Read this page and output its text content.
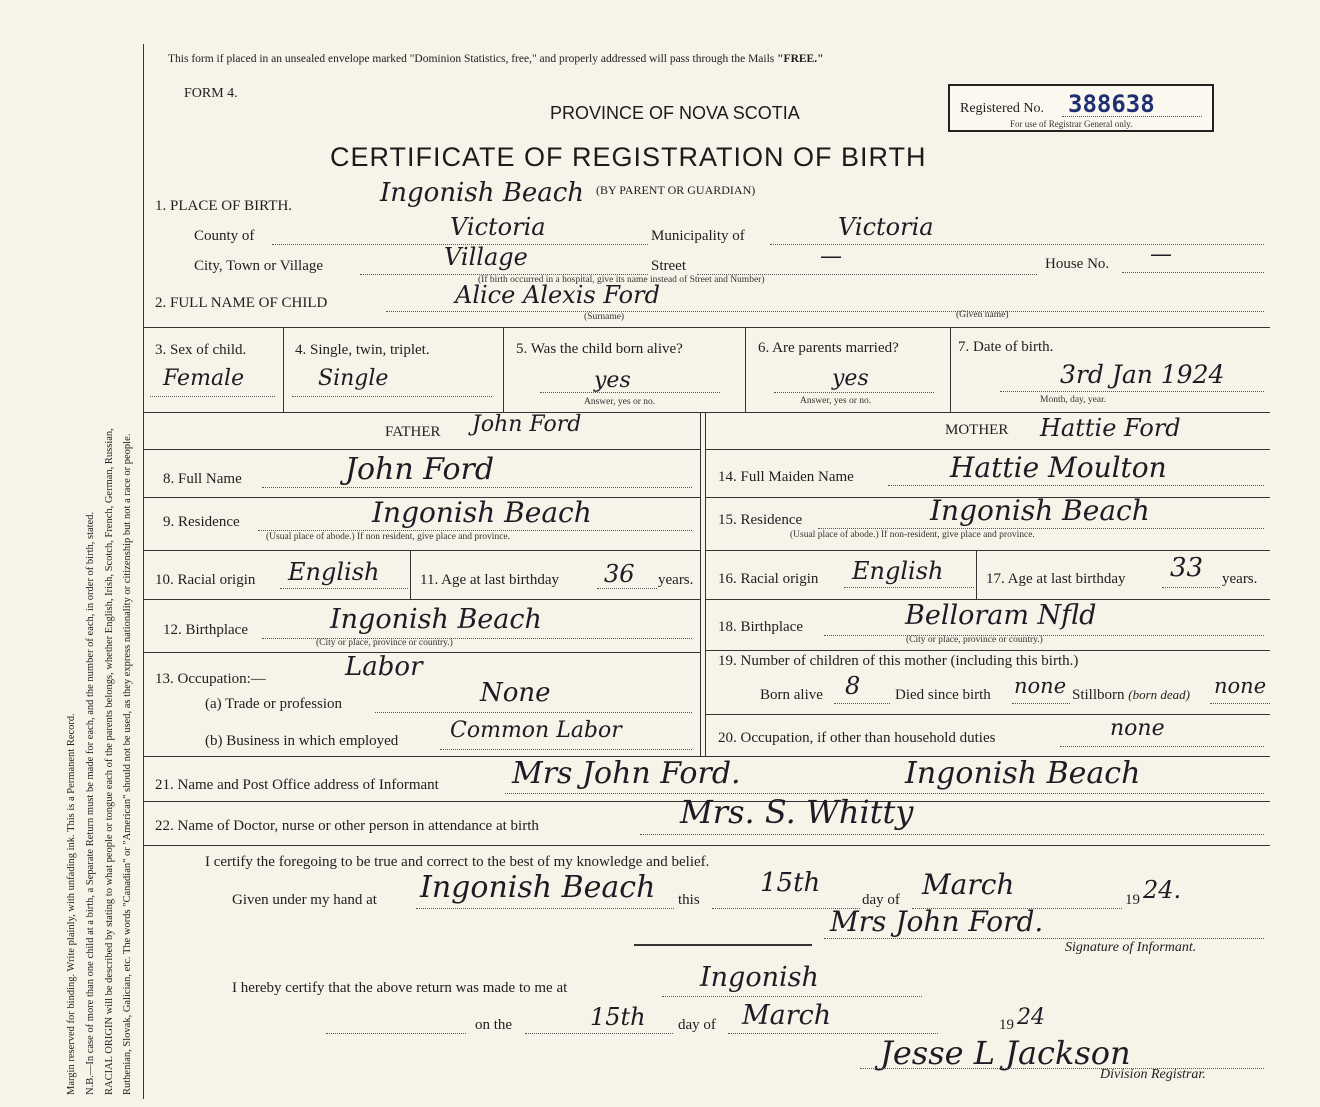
Margin reserved for binding. Write plainly, with unfading ink. This is a Permanent Record. N.B.—In case of more than one child at a birth, a Separate Return must be made for each, and the number of each, in order of birth, stated. RACIAL ORIGIN will be described by stating to what people or tongue each of the parents belongs, whether English, Irish, Scotch, French, German, Russian, Ruthenian, Slovak, Galician, etc. The words "Canadian" or "American" should not be used, as they express nationality or citizenship but not a race or people.
This form if placed in an unsealed envelope marked "Dominion Statistics, free," and properly addressed will pass through the Mails "FREE."
FORM 4.
PROVINCE OF NOVA SCOTIA	Registered No. 388638
For use of Registrar General only.
CERTIFICATE OF REGISTRATION OF BIRTH
(BY PARENT OR GUARDIAN)
1. PLACE OF BIRTH.	Ingonish Beach
County of	Victoria	Municipality of	Victoria
City, Town or Village	Village	Street	—	House No. —
(If birth occurred in a hospital, give its name instead of Street and Number)
2. FULL NAME OF CHILD	Alice Alexis Ford
(Surname)	(Given name)
3. Sex of child.
Female
4. Single, twin, triplet.
Single
5. Was the child born alive?
yes
Answer, yes or no.
6. Are parents married?
yes
Answer, yes or no.
7. Date of birth.
3rd Jan 1924
Month, day, year.
FATHER John Ford
8. Full Name	John Ford
9. Residence	Ingonish Beach
(Usual place of abode.) If non resident, give place and province.
10. Racial origin English	11. Age at last birthday 36 years.
12. Birthplace	Ingonish Beach
(City or place, province or country.)
13. Occupation:—	Labor
(a) Trade or profession	None
(b) Business in which employed Common Labor
MOTHER Hattie Ford
14. Full Maiden Name	Hattie Moulton
15. Residence	Ingonish Beach
(Usual place of abode.) If non-resident, give place and province.
16. Racial origin English	17. Age at last birthday 33 years.
18. Birthplace	Belloram Nfld
(City or place, province or country.)
19. Number of children of this mother (including this birth.)
Born alive 8 Died since birth none Stillborn (born dead) none
20. Occupation, if other than household duties	none
21. Name and Post Office address of Informant Mrs John Ford.	Ingonish Beach
22. Name of Doctor, nurse or other person in attendance at birth	Mrs. S. Whitty
I certify the foregoing to be true and correct to the best of my knowledge and belief.
Given under my hand at Ingonish Beach this
15th
day of March	19 24.
Mrs John Ford.
Signature of Informant.
I hereby certify that the above return was made to me at	Ingonish
on the	15th day of March	19 24
Jesse L Jackson
Division Registrar.
